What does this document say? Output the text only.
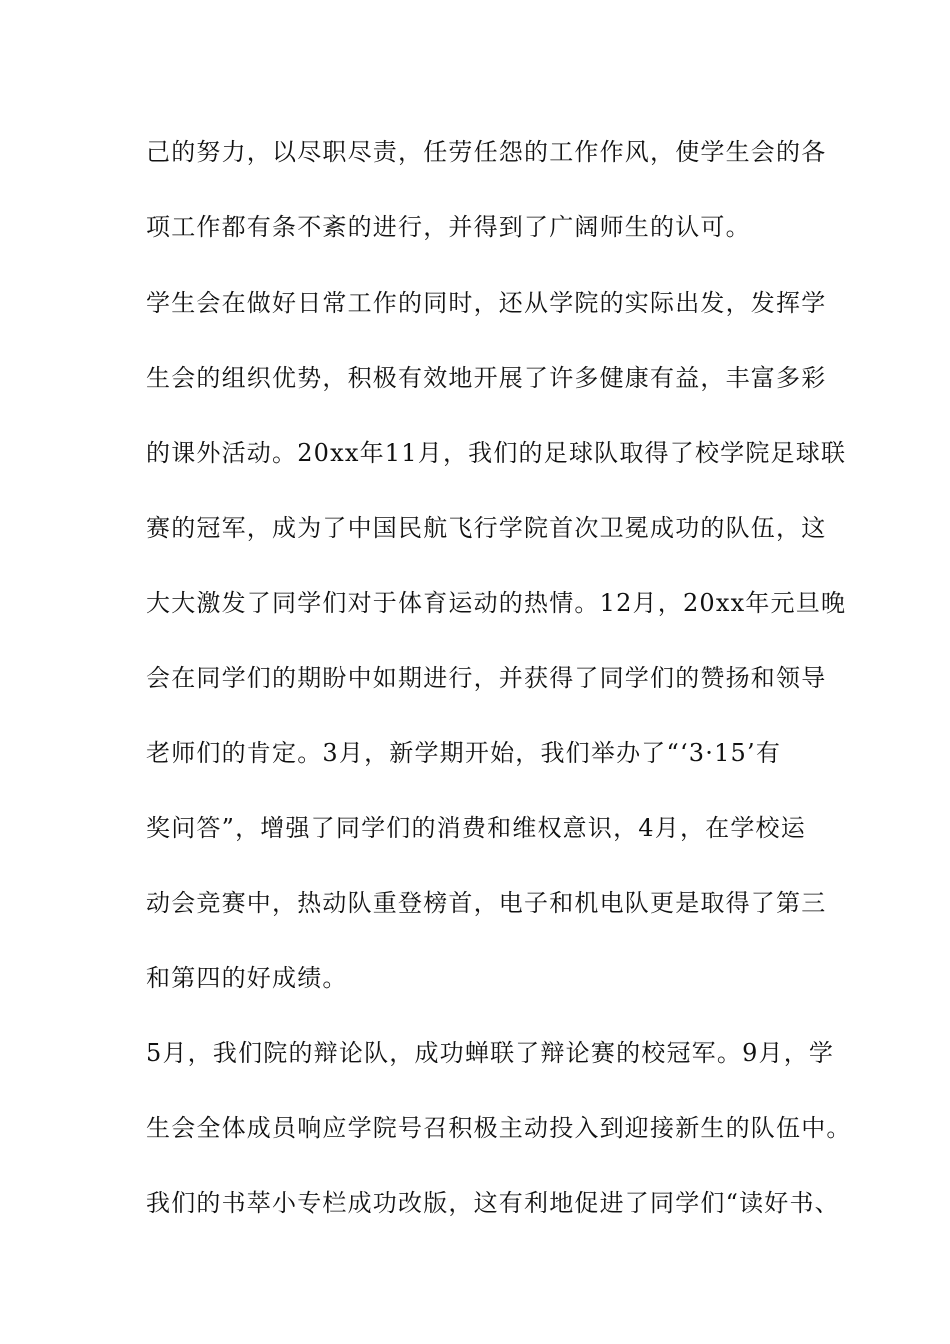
己的努力，以尽职尽责，任劳任怨的工作作风，使学生会的各
项工作都有条不紊的进行，并得到了广阔师生的认可。
学生会在做好日常工作的同时，还从学院的实际出发，发挥学
生会的组织优势，积极有效地开展了许多健康有益，丰富多彩
的课外活动。20xx年11月，我们的足球队取得了校学院足球联
赛的冠军，成为了中国民航飞行学院首次卫冕成功的队伍，这
大大激发了同学们对于体育运动的热情。12月，20xx年元旦晚
会在同学们的期盼中如期进行，并获得了同学们的赞扬和领导
老师们的肯定。3月，新学期开始，我们举办了“‘3·15’有
奖问答”，增强了同学们的消费和维权意识，4月，在学校运
动会竞赛中，热动队重登榜首，电子和机电队更是取得了第三
和第四的好成绩。
5月，我们院的辩论队，成功蝉联了辩论赛的校冠军。9月，学
生会全体成员响应学院号召积极主动投入到迎接新生的队伍中。
我们的书萃小专栏成功改版，这有利地促进了同学们“读好书、
